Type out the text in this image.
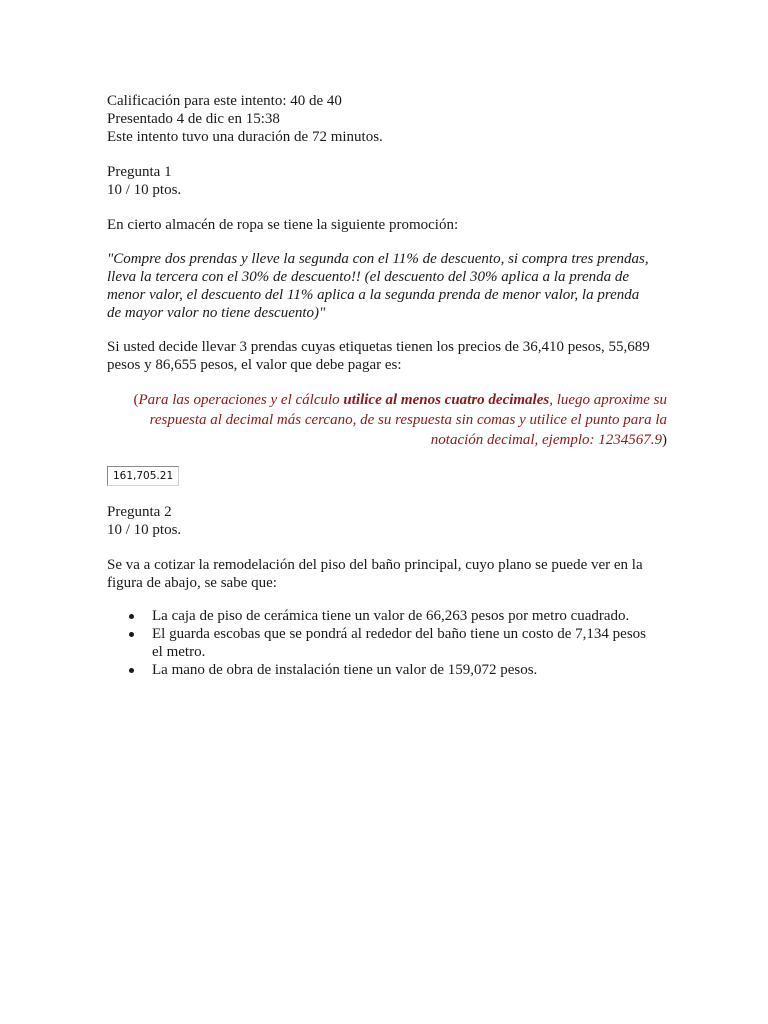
Calificación para este intento: 40 de 40
Presentado 4 de dic en 15:38
Este intento tuvo una duración de 72 minutos.
Pregunta 1
10 / 10 ptos.
En cierto almacén de ropa se tiene la siguiente promoción:
"Compre dos prendas y lleve la segunda con el 11% de descuento, si compra tres prendas,
lleva la tercera con el 30% de descuento!! (el descuento del 30% aplica a la prenda de
menor valor, el descuento del 11% aplica a la segunda prenda de menor valor, la prenda
de mayor valor no tiene descuento)"
Si usted decide llevar 3 prendas cuyas etiquetas tienen los precios de 36,410 pesos, 55,689
pesos y 86,655 pesos, el valor que debe pagar es:
(Para las operaciones y el cálculo utilice al menos cuatro decimales, luego aproxime su
respuesta al decimal más cercano, de su respuesta sin comas y utilice el punto para la
notación decimal, ejemplo: 1234567.9)
161,705.21
Pregunta 2
10 / 10 ptos.
Se va a cotizar la remodelación del piso del baño principal, cuyo plano se puede ver en la
figura de abajo, se sabe que:
La caja de piso de cerámica tiene un valor de 66,263 pesos por metro cuadrado.
El guarda escobas que se pondrá al rededor del baño tiene un costo de 7,134 pesos
el metro.
La mano de obra de instalación tiene un valor de 159,072 pesos.
